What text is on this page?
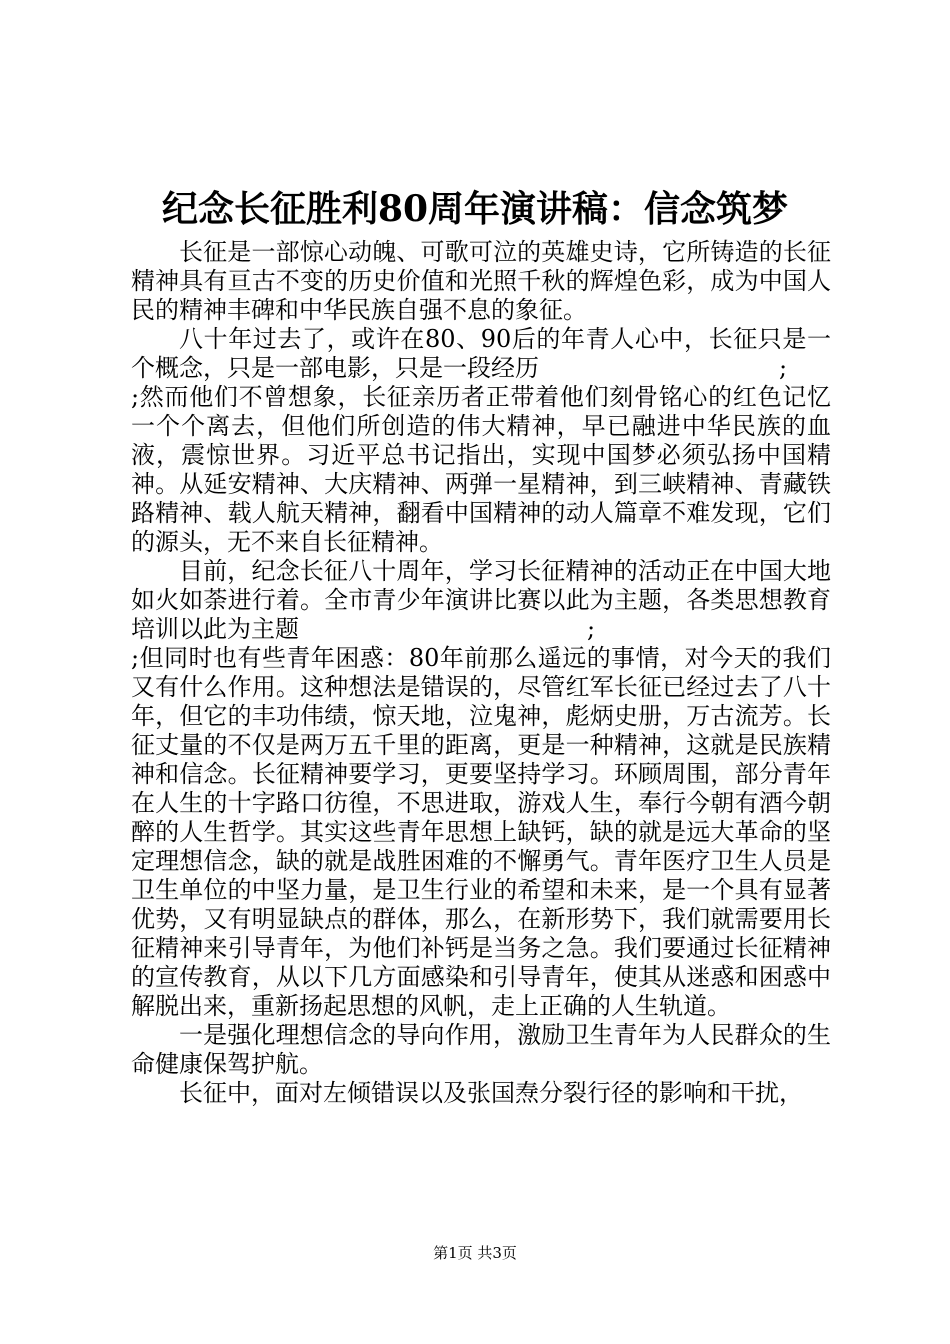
纪念长征胜利80周年演讲稿：信念筑梦

长征是一部惊心动魄、可歌可泣的英雄史诗，它所铸造的长征精神具有亘古不变的历史价值和光照千秋的辉煌色彩，成为中国人民的精神丰碑和中华民族自强不息的象征。

八十年过去了，或许在80、90后的年青人心中，长征只是一个概念，只是一部电影，只是一段经历　　　　　　　　　　;
;然而他们不曾想象，长征亲历者正带着他们刻骨铭心的红色记忆一个个离去，但他们所创造的伟大精神，早已融进中华民族的血液，震惊世界。习近平总书记指出，实现中国梦必须弘扬中国精神。从延安精神、大庆精神、两弹一星精神，到三峡精神、青藏铁路精神、载人航天精神，翻看中国精神的动人篇章不难发现，它们的源头，无不来自长征精神。

目前，纪念长征八十周年，学习长征精神的活动正在中国大地如火如荼进行着。全市青少年演讲比赛以此为主题，各类思想教育培训以此为主题　　　　　　　　　　　　;
;但同时也有些青年困惑：80年前那么遥远的事情，对今天的我们又有什么作用。这种想法是错误的，尽管红军长征已经过去了八十年，但它的丰功伟绩，惊天地，泣鬼神，彪炳史册，万古流芳。长征丈量的不仅是两万五千里的距离，更是一种精神，这就是民族精神和信念。长征精神要学习，更要坚持学习。环顾周围，部分青年在人生的十字路口彷徨，不思进取，游戏人生，奉行今朝有酒今朝醉的人生哲学。其实这些青年思想上缺钙，缺的就是远大革命的坚定理想信念，缺的就是战胜困难的不懈勇气。青年医疗卫生人员是卫生单位的中坚力量，是卫生行业的希望和未来，是一个具有显著优势，又有明显缺点的群体，那么，在新形势下，我们就需要用长征精神来引导青年，为他们补钙是当务之急。我们要通过长征精神的宣传教育，从以下几方面感染和引导青年，使其从迷惑和困惑中解脱出来，重新扬起思想的风帆，走上正确的人生轨道。

一是强化理想信念的导向作用，激励卫生青年为人民群众的生命健康保驾护航。

长征中，面对左倾错误以及张国焘分裂行径的影响和干扰，

第1页 共3页
